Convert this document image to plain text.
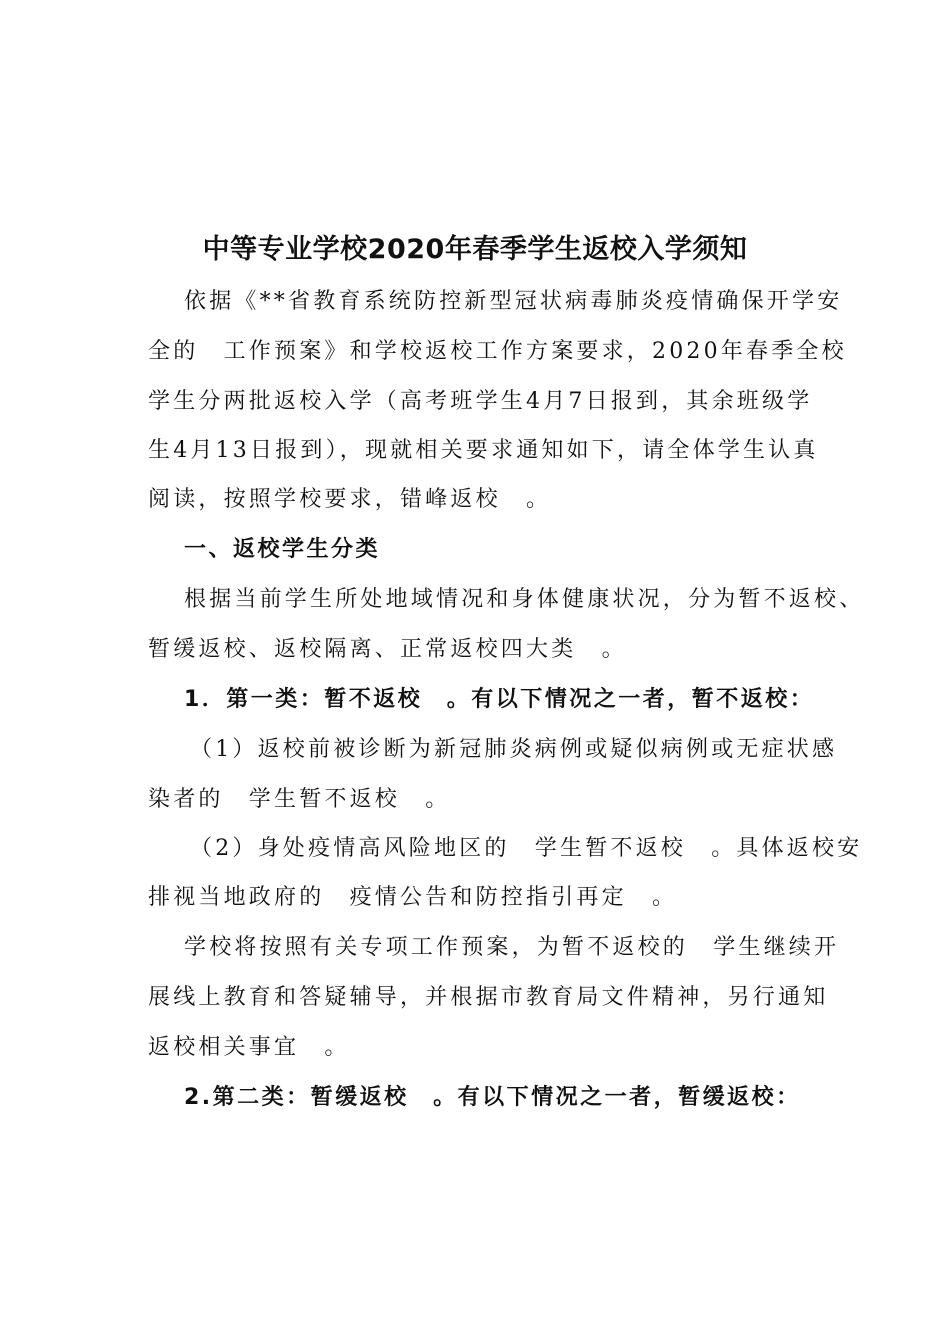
中等专业学校2020年春季学生返校入学须知
依据《**省教育系统防控新型冠状病毒肺炎疫情确保开学安
全的　工作预案》和学校返校工作方案要求，2020年春季全校
学生分两批返校入学（高考班学生4月7日报到，其余班级学
生4月13日报到），现就相关要求通知如下，请全体学生认真
阅读，按照学校要求，错峰返校　。
一、返校学生分类
根据当前学生所处地域情况和身体健康状况，分为暂不返校、
暂缓返校、返校隔离、正常返校四大类　。
1．第一类：暂不返校　。有以下情况之一者，暂不返校：
（1）返校前被诊断为新冠肺炎病例或疑似病例或无症状感
染者的　学生暂不返校　。
（2）身处疫情高风险地区的　学生暂不返校　。具体返校安
排视当地政府的　疫情公告和防控指引再定　。
学校将按照有关专项工作预案，为暂不返校的　学生继续开
展线上教育和答疑辅导，并根据市教育局文件精神，另行通知
返校相关事宜　。
2.第二类：暂缓返校　。有以下情况之一者，暂缓返校：
